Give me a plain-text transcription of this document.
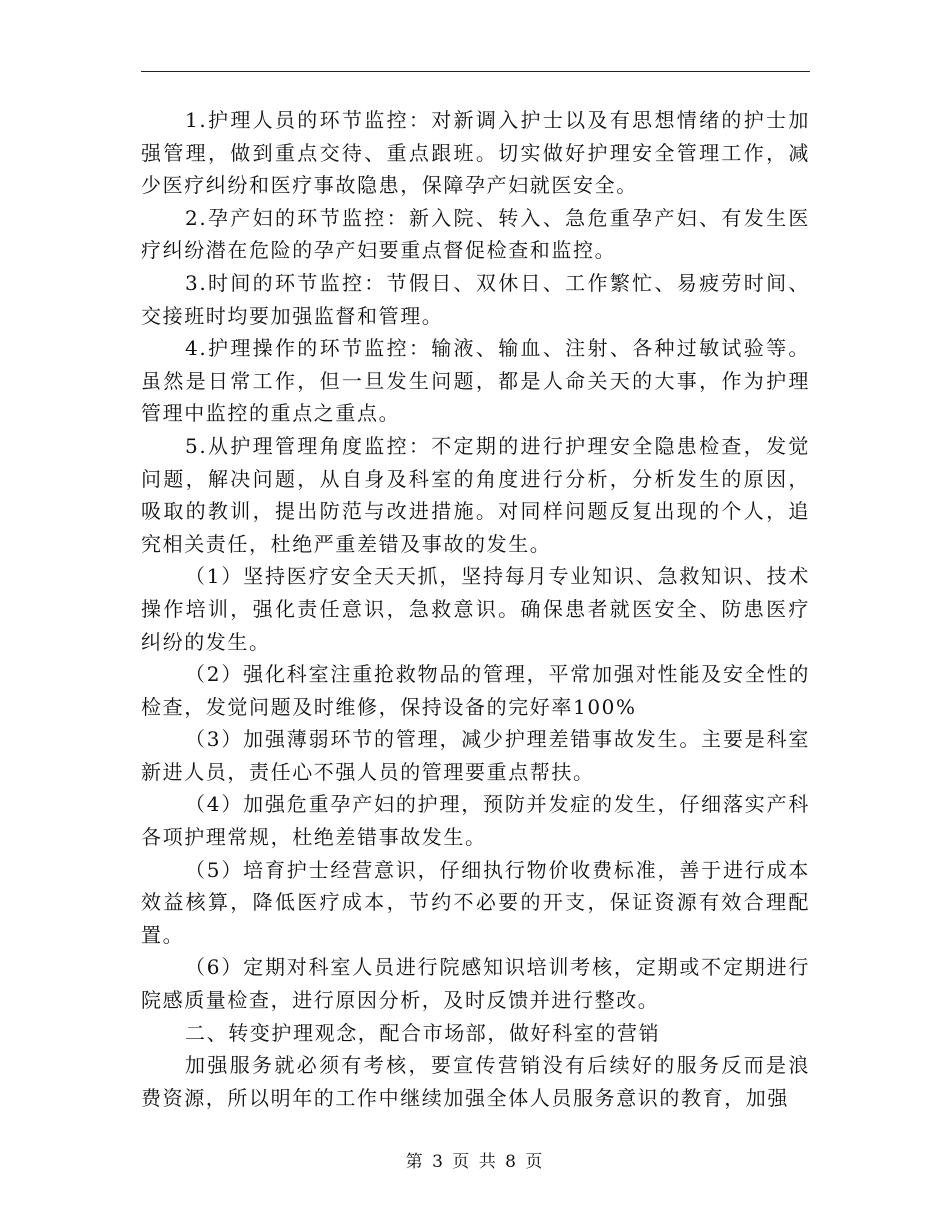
1.护理人员的环节监控：对新调入护士以及有思想情绪的护士加强管理，做到重点交待、重点跟班。切实做好护理安全管理工作，减少医疗纠纷和医疗事故隐患，保障孕产妇就医安全。

2.孕产妇的环节监控：新入院、转入、急危重孕产妇、有发生医疗纠纷潜在危险的孕产妇要重点督促检查和监控。

3.时间的环节监控：节假日、双休日、工作繁忙、易疲劳时间、交接班时均要加强监督和管理。

4.护理操作的环节监控：输液、输血、注射、各种过敏试验等。虽然是日常工作，但一旦发生问题，都是人命关天的大事，作为护理管理中监控的重点之重点。

5.从护理管理角度监控：不定期的进行护理安全隐患检查，发觉问题，解决问题，从自身及科室的角度进行分析，分析发生的原因，吸取的教训，提出防范与改进措施。对同样问题反复出现的个人，追究相关责任，杜绝严重差错及事故的发生。

（1）坚持医疗安全天天抓，坚持每月专业知识、急救知识、技术操作培训，强化责任意识，急救意识。确保患者就医安全、防患医疗纠纷的发生。

（2）强化科室注重抢救物品的管理，平常加强对性能及安全性的检查，发觉问题及时维修，保持设备的完好率100%

（3）加强薄弱环节的管理，减少护理差错事故发生。主要是科室新进人员，责任心不强人员的管理要重点帮扶。

（4）加强危重孕产妇的护理，预防并发症的发生，仔细落实产科各项护理常规，杜绝差错事故发生。

（5）培育护士经营意识，仔细执行物价收费标准，善于进行成本效益核算，降低医疗成本，节约不必要的开支，保证资源有效合理配置。

（6）定期对科室人员进行院感知识培训考核，定期或不定期进行院感质量检查，进行原因分析，及时反馈并进行整改。

二、转变护理观念，配合市场部，做好科室的营销

加强服务就必须有考核，要宣传营销没有后续好的服务反而是浪费资源，所以明年的工作中继续加强全体人员服务意识的教育，加强

第 3 页 共 8 页
